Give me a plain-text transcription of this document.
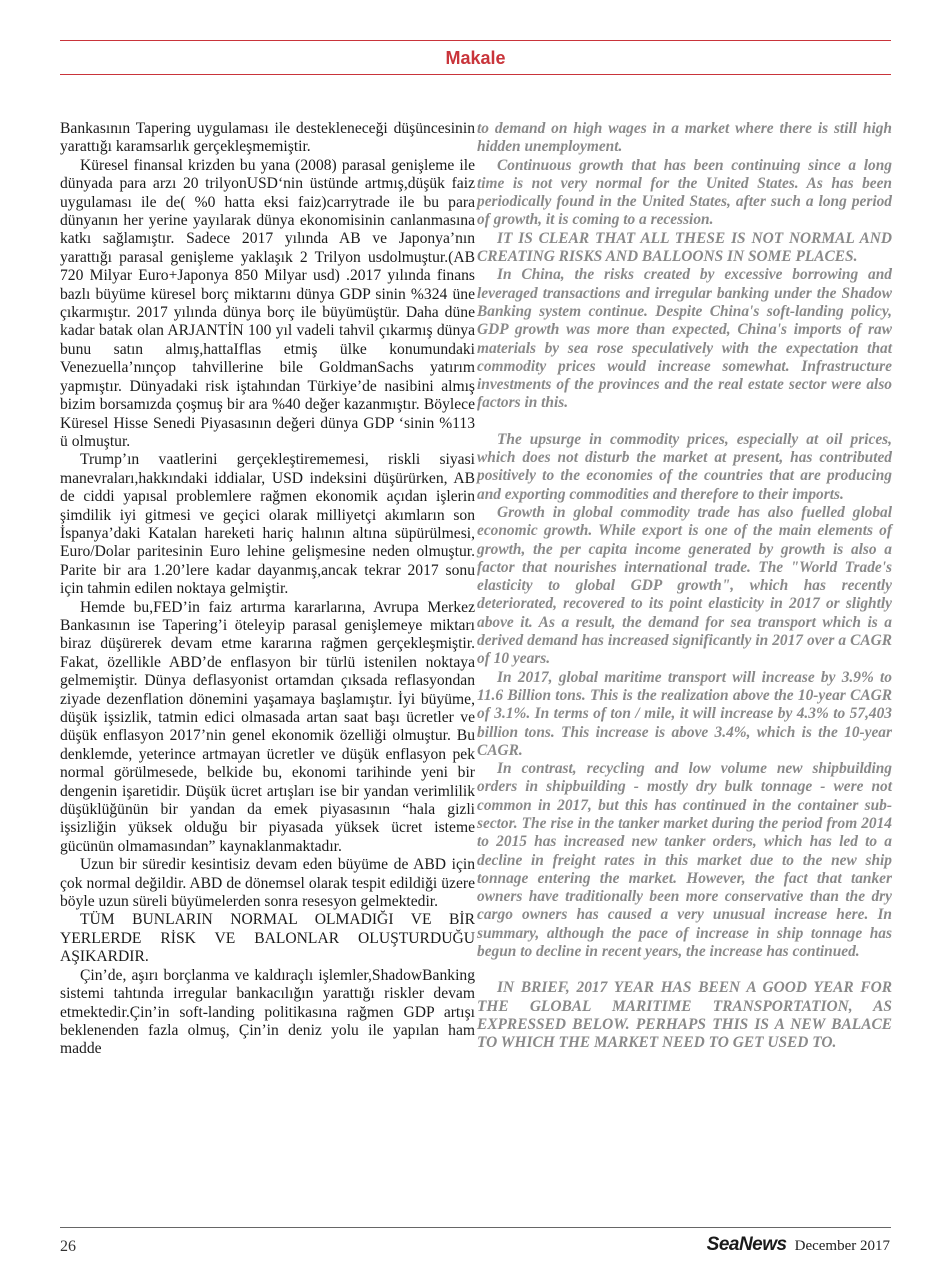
Makale

Bankasının Tapering uygulaması ile destekleneceği düşüncesinin yarattığı karamsarlık gerçekleşmemiştir.

Küresel finansal krizden bu yana (2008) parasal genişleme ile dünyada para arzı 20 trilyonUSD‘nin üstünde artmış,düşük faiz uygulaması ile de( %0 hatta eksi faiz)carrytrade ile bu para dünyanın her yerine yayılarak dünya ekonomisinin canlanmasına katkı sağlamıştır. Sadece 2017 yılında AB ve Japonya’nın yarattığı parasal genişleme yaklaşık 2 Trilyon usdolmuştur.(AB 720 Milyar Euro+Japonya 850 Milyar usd) .2017 yılında finans bazlı büyüme küresel borç miktarını dünya GDP sinin %324 üne çıkarmıştır. 2017 yılında dünya borç ile büyümüştür. Daha düne kadar batak olan ARJANTİN 100 yıl vadeli tahvil çıkarmış dünya bunu satın almış,hattaIflas etmiş ülke konumundaki Venezuella’nınçop tahvillerine bile GoldmanSachs yatırım yapmıştır. Dünyadaki risk iştahından Türkiye’de nasibini almış bizim borsamızda çoşmuş bir ara %40 değer kazanmıştır. Böylece Küresel Hisse Senedi Piyasasının değeri dünya GDP ‘sinin %113 ü olmuştur.

Trump’ın vaatlerini gerçekleştirememesi, riskli siyasi manevraları,hakkındaki iddialar, USD indeksini düşürürken, AB de ciddi yapısal problemlere rağmen ekonomik açıdan işlerin şimdilik iyi gitmesi ve geçici olarak milliyetçi akımların son İspanya’daki Katalan hareketi hariç halının altına süpürülmesi, Euro/Dolar paritesinin Euro lehine gelişmesine neden olmuştur. Parite bir ara 1.20’lere kadar dayanmış,ancak tekrar 2017 sonu için tahmin edilen noktaya gelmiştir.

Hemde bu,FED’in faiz artırma kararlarına, Avrupa Merkez Bankasının ise Tapering’i öteleyip parasal genişlemeye miktarı biraz düşürerek devam etme kararına rağmen gerçekleşmiştir. Fakat, özellikle ABD’de enflasyon bir türlü istenilen noktaya gelmemiştir. Dünya deflasyonist ortamdan çıksada reflasyondan ziyade dezenflation dönemini yaşamaya başlamıştır. İyi büyüme, düşük işsizlik, tatmin edici olmasada artan saat başı ücretler ve düşük enflasyon 2017’nin genel ekonomik özelliği olmuştur. Bu denklemde, yeterince artmayan ücretler ve düşük enflasyon pek normal görülmesede, belkide bu, ekonomi tarihinde yeni bir dengenin işaretidir. Düşük ücret artışları ise bir yandan verimlilik düşüklüğünün bir yandan da emek piyasasının “hala gizli işsizliğin yüksek olduğu bir piyasada yüksek ücret isteme gücünün olmamasından” kaynaklanmaktadır.

Uzun bir süredir kesintisiz devam eden büyüme de ABD için çok normal değildir. ABD de dönemsel olarak tespit edildiği üzere böyle uzun süreli büyümelerden sonra resesyon gelmektedir.

TÜM BUNLARIN NORMAL OLMADIĞI VE BİR YERLERDE RİSK VE BALONLAR OLUŞTURDUĞU AŞIKARDIR.

Çin’de, aşırı borçlanma ve kaldıraçlı işlemler,ShadowBanking sistemi tahtında irregular bankacılığın yarattığı riskler devam etmektedir.Çin’in soft-landing politikasına rağmen GDP artışı beklenenden fazla olmuş, Çin’in deniz yolu ile yapılan ham madde

to demand on high wages in a market where there is still high hidden unemployment.

Continuous growth that has been continuing since a long time is not very normal for the United States. As has been periodically found in the United States, after such a long period of growth, it is coming to a recession.

IT IS CLEAR THAT ALL THESE IS NOT NORMAL AND CREATING RISKS AND BALLOONS IN SOME PLACES.

In China, the risks created by excessive borrowing and leveraged transactions and irregular banking under the Shadow Banking system continue. Despite China's soft-landing policy, GDP growth was more than expected, China's imports of raw materials by sea rose speculatively with the expectation that commodity prices would increase somewhat. Infrastructure investments of the provinces and the real estate sector were also factors in this.

The upsurge in commodity prices, especially at oil prices, which does not disturb the market at present, has contributed positively to the economies of the countries that are producing and exporting commodities and therefore to their imports.

Growth in global commodity trade has also fuelled global economic growth. While export is one of the main elements of growth, the per capita income generated by growth is also a factor that nourishes international trade. The "World Trade's elasticity to global GDP growth", which has recently deteriorated, recovered to its point elasticity in 2017 or slightly above it. As a result, the demand for sea transport which is a derived demand has increased significantly in 2017 over a CAGR of 10 years.

In 2017, global maritime transport will increase by 3.9% to 11.6 Billion tons. This is the realization above the 10-year CAGR of 3.1%. In terms of ton / mile, it will increase by 4.3% to 57,403 billion tons. This increase is above 3.4%, which is the 10-year CAGR.

In contrast, recycling and low volume new shipbuilding orders in shipbuilding - mostly dry bulk tonnage - were not common in 2017, but this has continued in the container sub-sector. The rise in the tanker market during the period from 2014 to 2015 has increased new tanker orders, which has led to a decline in freight rates in this market due to the new ship tonnage entering the market. However, the fact that tanker owners have traditionally been more conservative than the dry cargo owners has caused a very unusual increase here. In summary, although the pace of increase in ship tonnage has begun to decline in recent years, the increase has continued.

IN BRIEF, 2017 YEAR HAS BEEN A GOOD YEAR FOR THE GLOBAL MARITIME TRANSPORTATION, AS EXPRESSED BELOW. PERHAPS THIS IS A NEW BALACE TO WHICH THE MARKET NEED TO GET USED TO.

26	SeaNews December 2017
